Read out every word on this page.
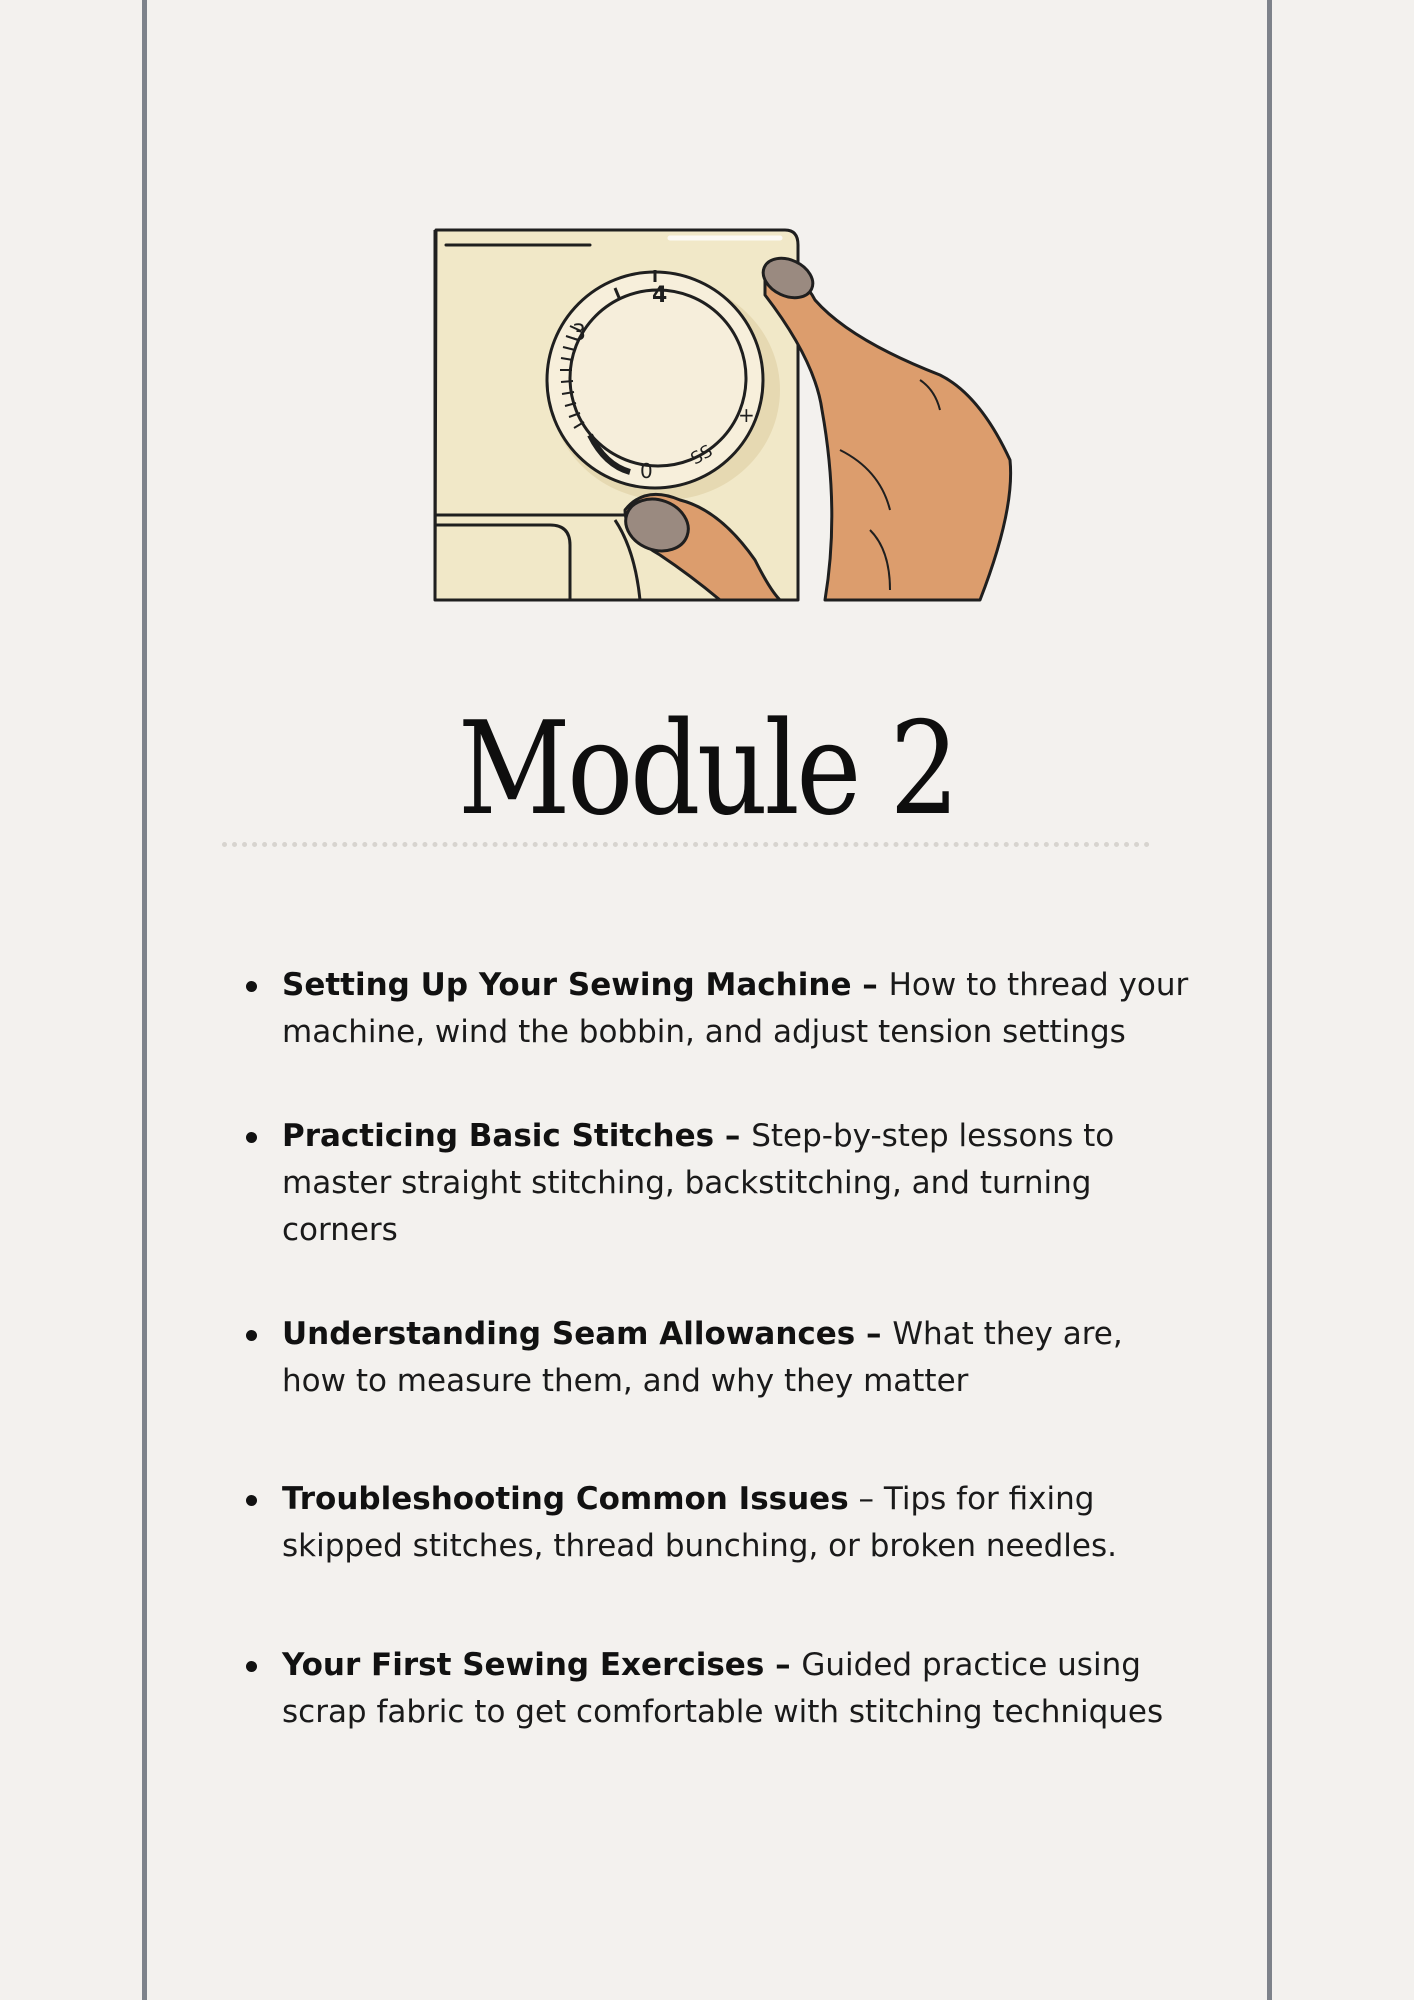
3
4
0
SS
+
Module 2
Setting Up Your Sewing Machine – How to thread your machine, wind the bobbin, and adjust tension settings
Practicing Basic Stitches – Step-by-step lessons to master straight stitching, backstitching, and turning corners
Understanding Seam Allowances – What they are, how to measure them, and why they matter
Troubleshooting Common Issues – Tips for fixing skipped stitches, thread bunching, or broken needles.
Your First Sewing Exercises – Guided practice using scrap fabric to get comfortable with stitching techniques
